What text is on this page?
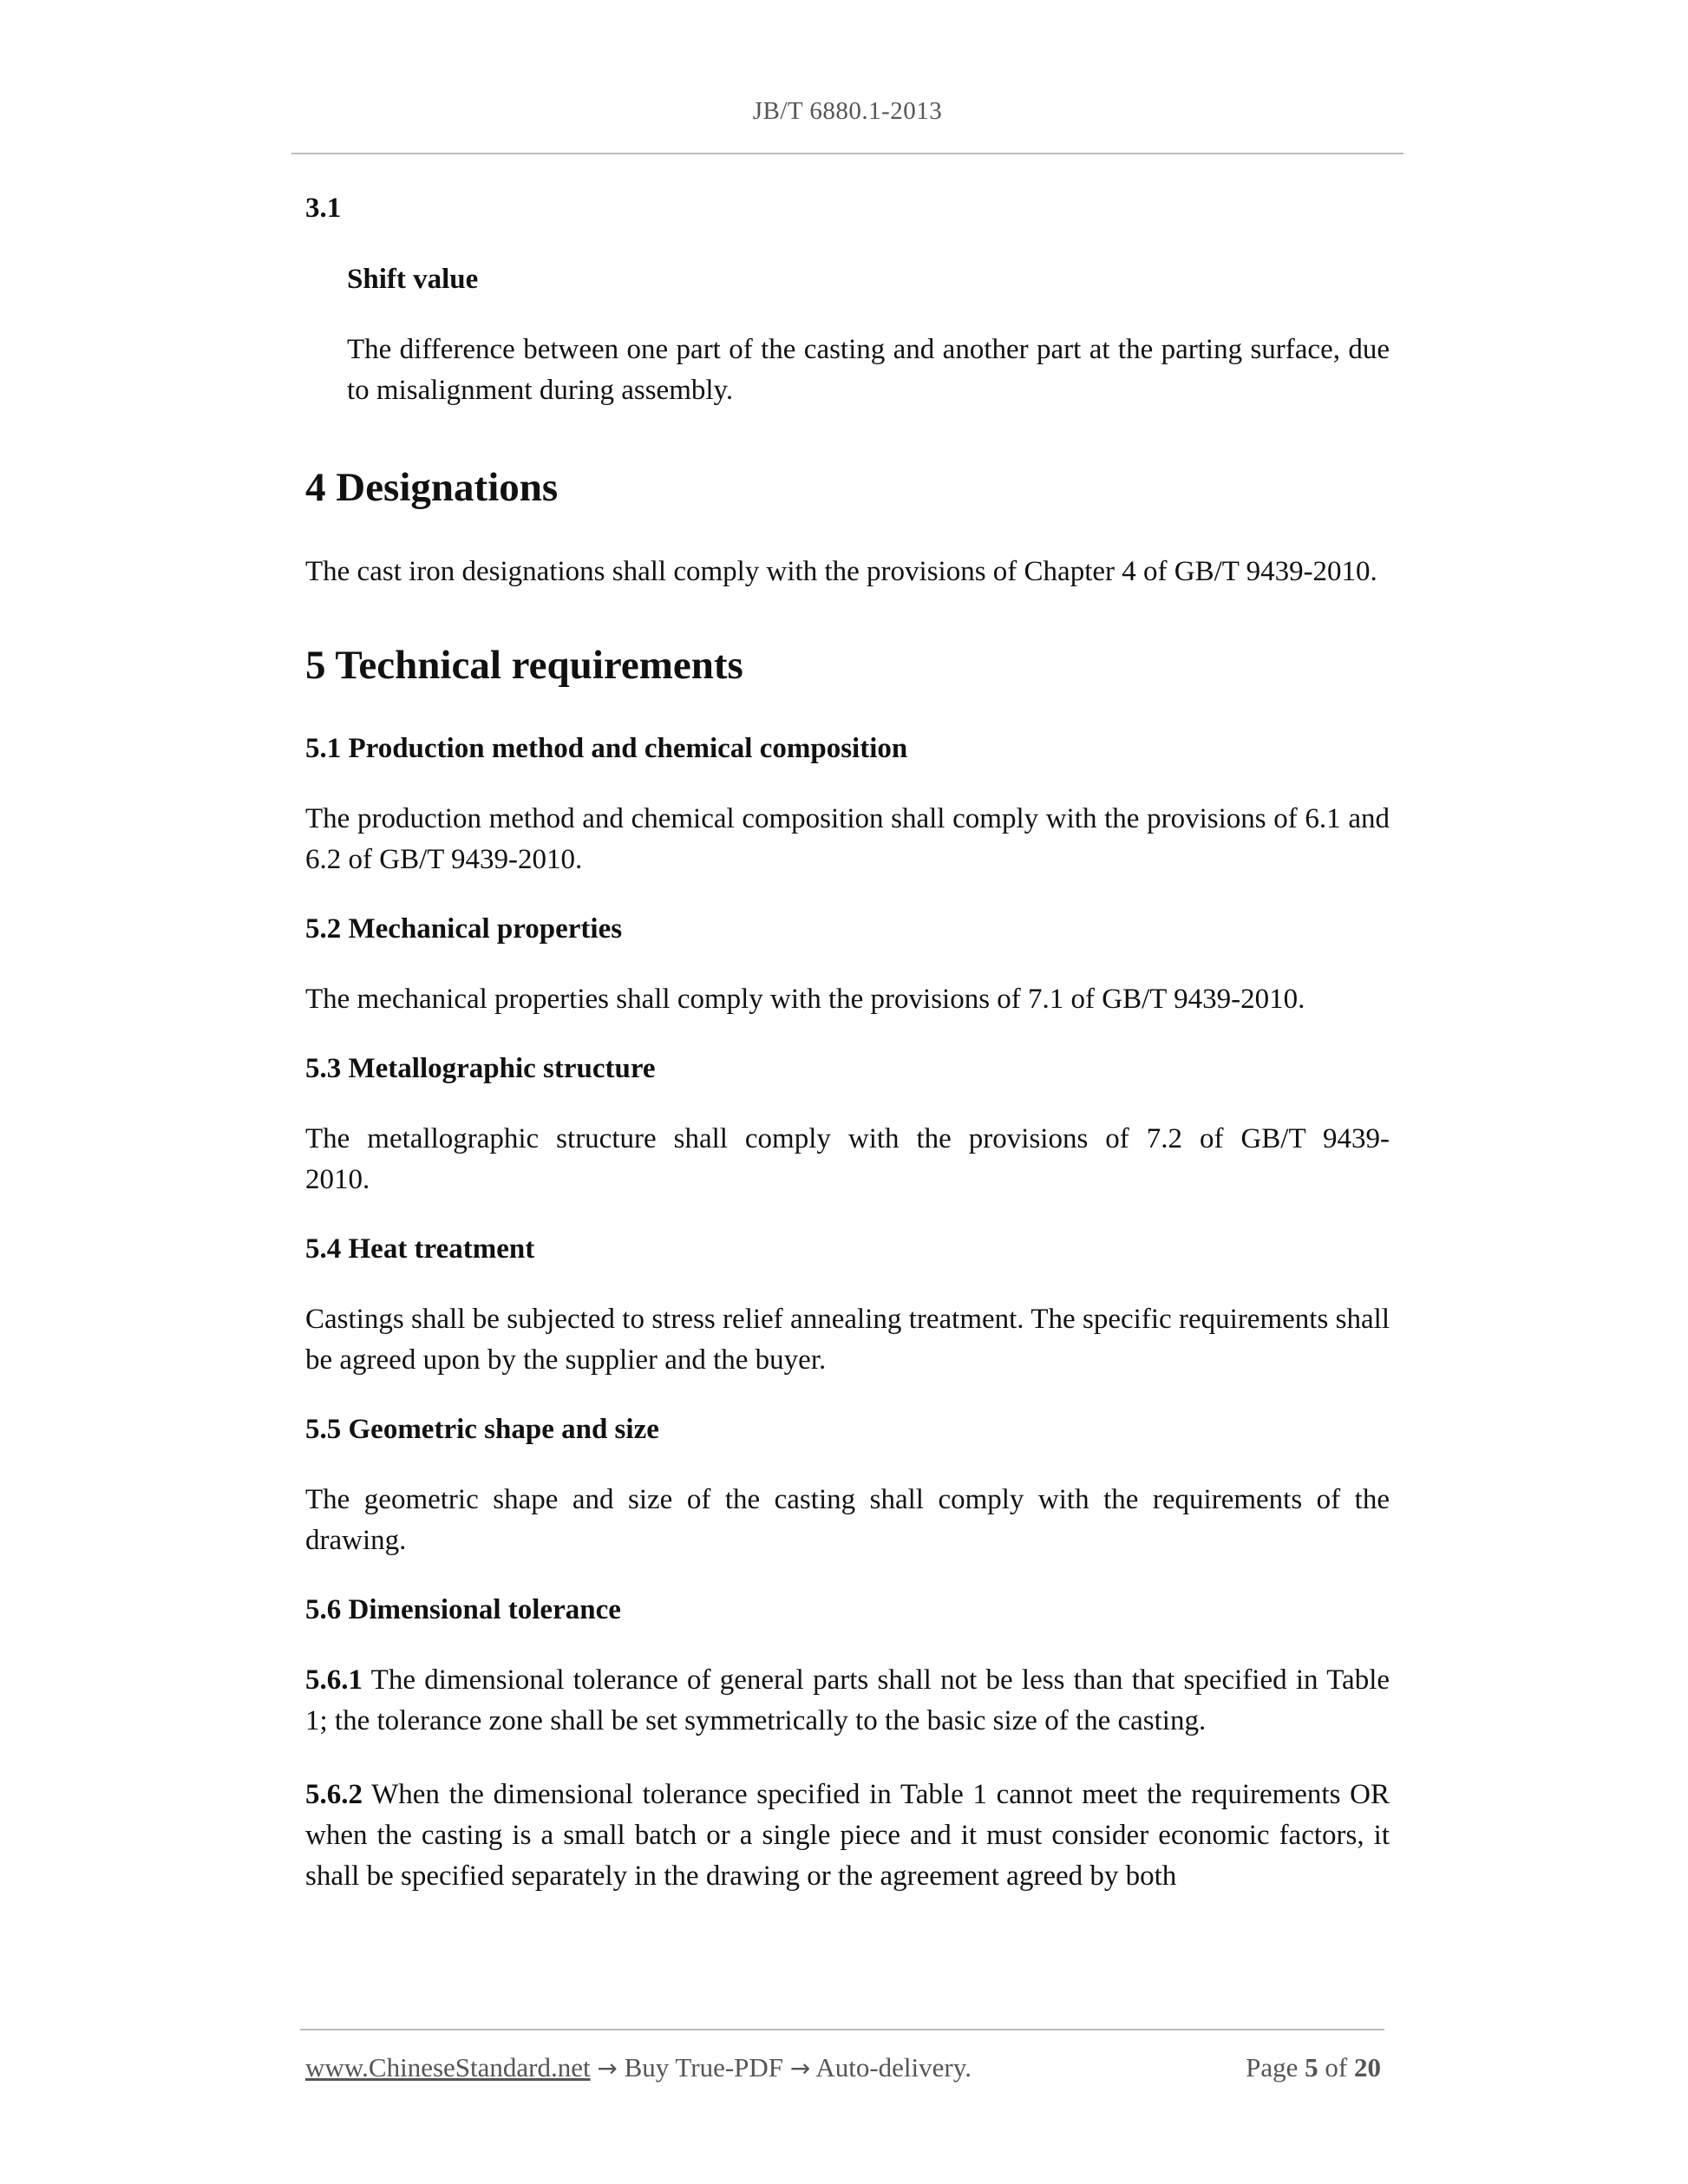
JB/T 6880.1-2013

3.1

Shift value

The difference between one part of the casting and another part at the parting surface, due to misalignment during assembly.

4 Designations

The cast iron designations shall comply with the provisions of Chapter 4 of GB/T 9439-2010.

5 Technical requirements
5.1 Production method and chemical composition

The production method and chemical composition shall comply with the provisions of 6.1 and 6.2 of GB/T 9439-2010.

5.2 Mechanical properties

The mechanical properties shall comply with the provisions of 7.1 of GB/T 9439-2010.

5.3 Metallographic structure

The metallographic structure shall comply with the provisions of 7.2 of GB/T 9439-2010.

5.4 Heat treatment

Castings shall be subjected to stress relief annealing treatment. The specific requirements shall be agreed upon by the supplier and the buyer.

5.5 Geometric shape and size

The geometric shape and size of the casting shall comply with the requirements of the drawing.

5.6 Dimensional tolerance

5.6.1 The dimensional tolerance of general parts shall not be less than that specified in Table 1; the tolerance zone shall be set symmetrically to the basic size of the casting.

5.6.2 When the dimensional tolerance specified in Table 1 cannot meet the requirements OR when the casting is a small batch or a single piece and it must consider economic factors, it shall be specified separately in the drawing or the agreement agreed by both

www.ChineseStandard.net → Buy True-PDF → Auto-delivery.	Page 5 of 20
